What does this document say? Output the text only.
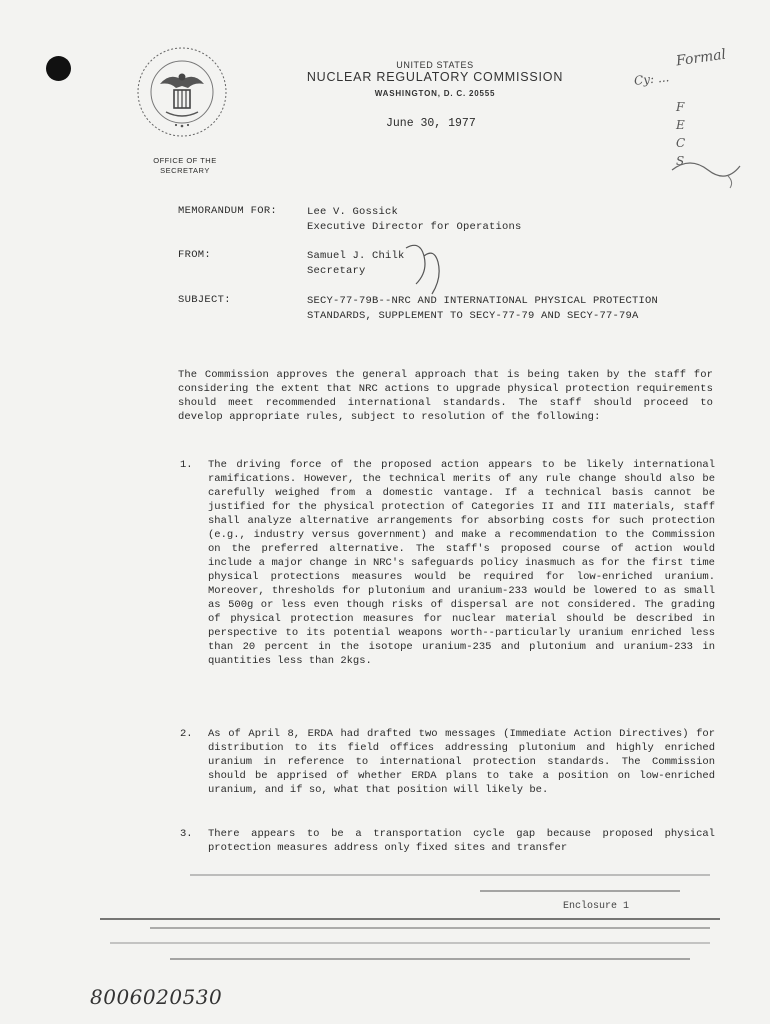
OFFICE OF THE SECRETARY
UNITED STATES
NUCLEAR REGULATORY COMMISSION
WASHINGTON, D. C. 20555
June 30, 1977
Formal
Cy: ...
F
E
C
S
MEMORANDUM FOR:	Lee V. Gossick
Executive Director for Operations
FROM:	Samuel J. Chilk
Secretary
SUBJECT:	SECY-77-79B--NRC AND INTERNATIONAL PHYSICAL PROTECTION
STANDARDS, SUPPLEMENT TO SECY-77-79 AND SECY-77-79A
The Commission approves the general approach that is being taken by the staff for considering the extent that NRC actions to upgrade physical protection requirements should meet recommended international standards. The staff should proceed to develop appropriate rules, subject to resolution of the following:
1. The driving force of the proposed action appears to be likely international ramifications. However, the technical merits of any rule change should also be carefully weighed from a domestic vantage. If a technical basis cannot be justified for the physical protection of Categories II and III materials, staff shall analyze alternative arrangements for absorbing costs for such protection (e.g., industry versus government) and make a recommendation to the Commission on the preferred alternative. The staff's proposed course of action would include a major change in NRC's safeguards policy inasmuch as for the first time physical protections measures would be required for low-enriched uranium. Moreover, thresholds for plutonium and uranium-233 would be lowered to as small as 500g or less even though risks of dispersal are not considered. The grading of physical protection measures for nuclear material should be described in perspective to its potential weapons worth--particularly uranium enriched less than 20 percent in the isotope uranium-235 and plutonium and uranium-233 in quantities less than 2kgs.
2. As of April 8, ERDA had drafted two messages (Immediate Action Directives) for distribution to its field offices addressing plutonium and highly enriched uranium in reference to international protection standards. The Commission should be apprised of whether ERDA plans to take a position on low-enriched uranium, and if so, what that position will likely be.
3. There appears to be a transportation cycle gap because proposed physical protection measures address only fixed sites and transfer
Enclosure 1
8006020530
